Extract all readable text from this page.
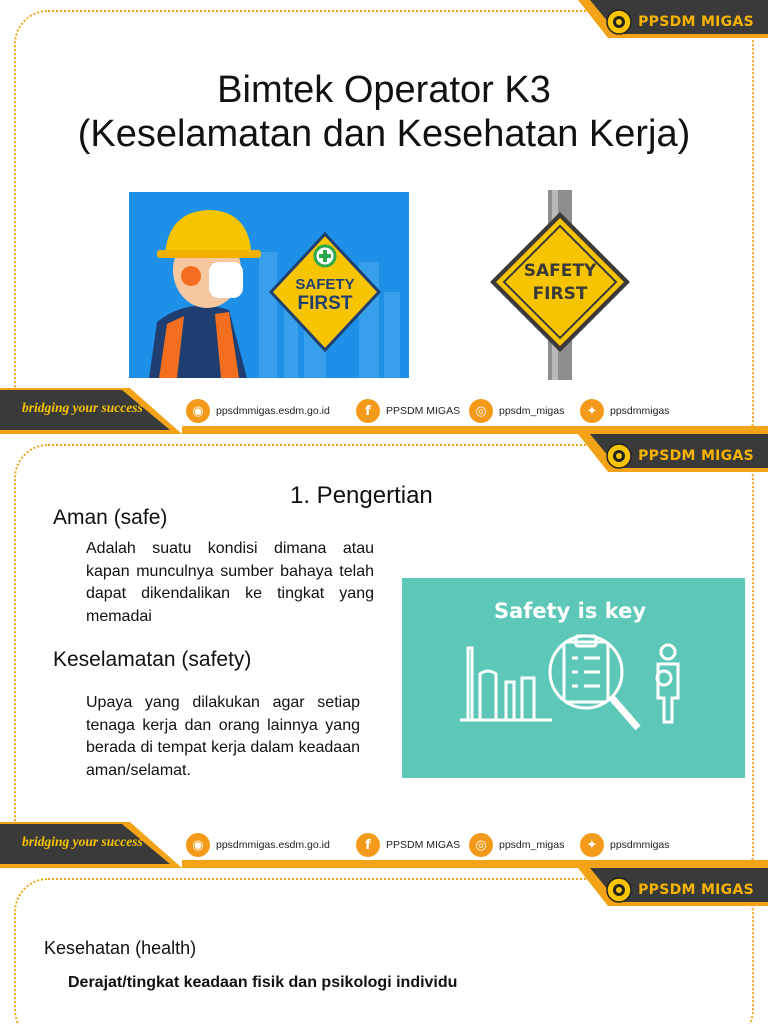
PPSDM MIGAS
Bimtek Operator K3
(Keselamatan dan Kesehatan Kerja)
SAFETY
FIRST
SAFETY
FIRST
bridging your success	◉	ppsdmmigas.esdm.go.id	f	PPSDM MIGAS	◎	ppsdm_migas	✦	ppsdmmigas
PPSDM MIGAS
1. Pengertian
Aman (safe)
Adalah suatu kondisi dimana atau kapan munculnya sumber bahaya telah dapat dikendalikan ke tingkat yang memadai
Keselamatan (safety)
Upaya yang dilakukan agar setiap tenaga kerja dan orang lainnya yang berada di tempat kerja dalam keadaan aman/selamat.
Safety is key
bridging your success	◉	ppsdmmigas.esdm.go.id	f	PPSDM MIGAS	◎	ppsdm_migas	✦	ppsdmmigas
PPSDM MIGAS
Kesehatan (health)
Derajat/tingkat keadaan fisik dan psikologi individu
